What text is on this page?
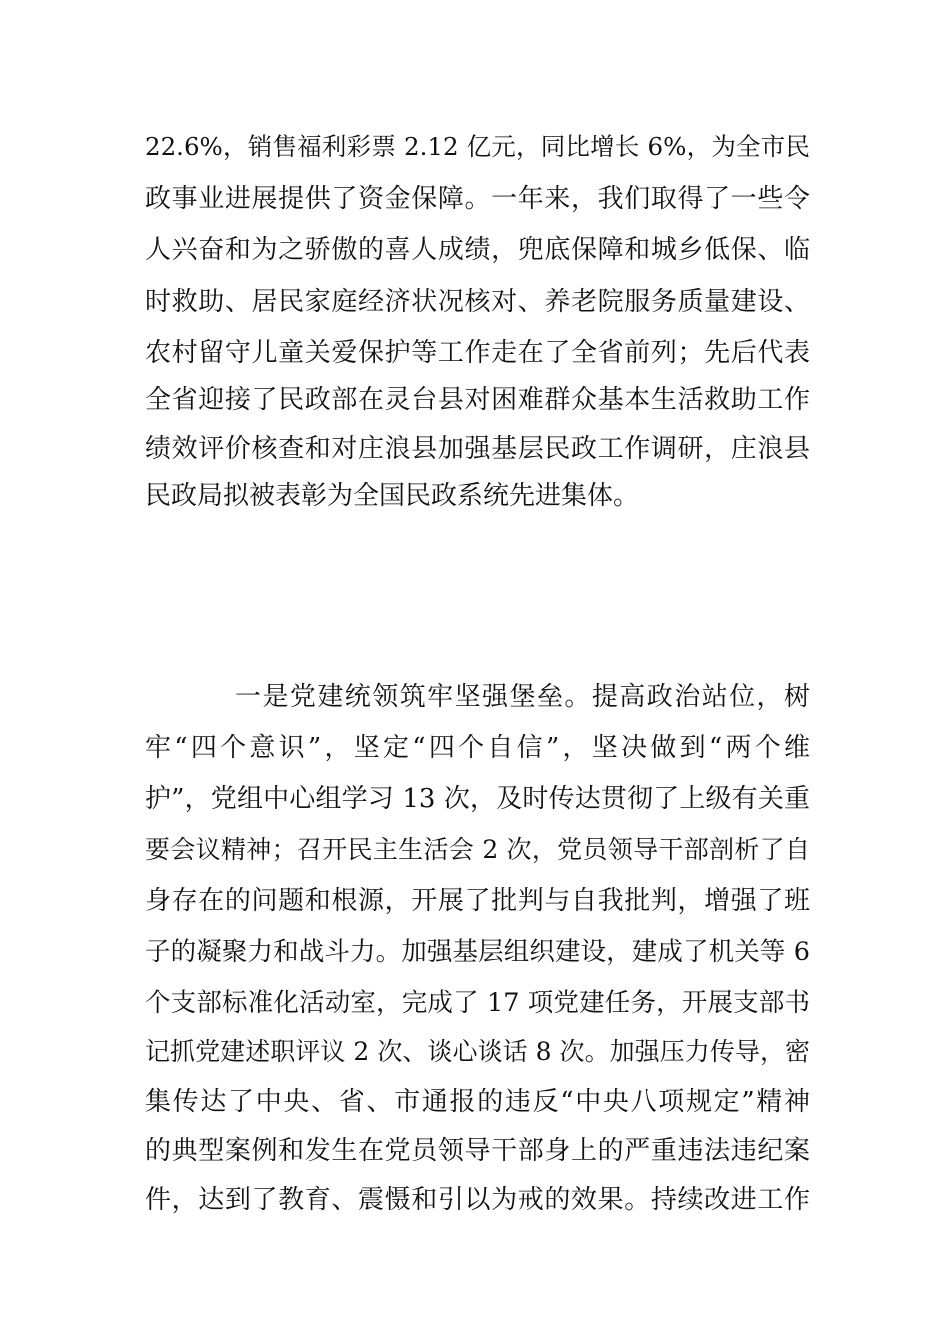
22.6%，销售福利彩票 2.12 亿元，同比增长 6%，为全市民

政事业进展提供了资金保障。一年来，我们取得了一些令

人兴奋和为之骄傲的喜人成绩，兜底保障和城乡低保、临

时救助、居民家庭经济状况核对、养老院服务质量建设、

农村留守儿童关爱保护等工作走在了全省前列；先后代表

全省迎接了民政部在灵台县对困难群众基本生活救助工作

绩效评价核查和对庄浪县加强基层民政工作调研，庄浪县

民政局拟被表彰为全国民政系统先进集体。

一是党建统领筑牢坚强堡垒。提高政治站位，树

牢“四个意识”，坚定“四个自信”，坚决做到“两个维

护”，党组中心组学习 13 次，及时传达贯彻了上级有关重

要会议精神；召开民主生活会 2 次，党员领导干部剖析了自

身存在的问题和根源，开展了批判与自我批判，增强了班

子的凝聚力和战斗力。加强基层组织建设，建成了机关等 6

个支部标准化活动室，完成了 17 项党建任务，开展支部书

记抓党建述职评议 2 次、谈心谈话 8 次。加强压力传导，密

集传达了中央、省、市通报的违反“中央八项规定”精神

的典型案例和发生在党员领导干部身上的严重违法违纪案

件，达到了教育、震慑和引以为戒的效果。持续改进工作
